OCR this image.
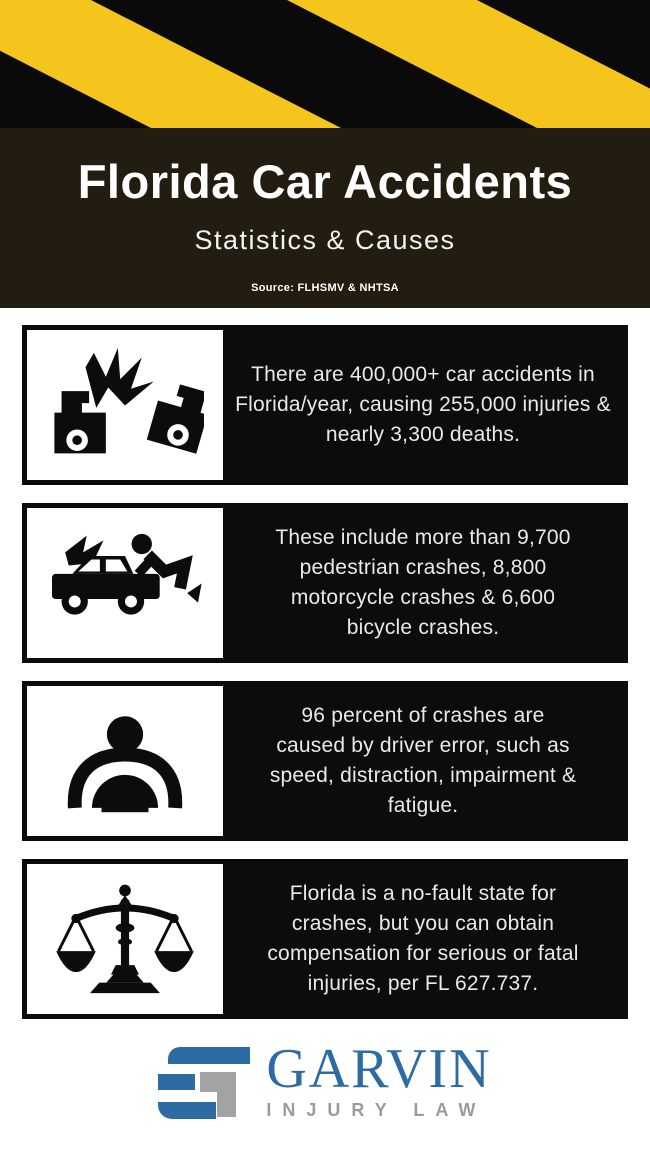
Florida Car Accidents
Statistics & Causes
Source: FLHSMV & NHTSA

There are 400,000+ car accidents in Florida/year, causing 255,000 injuries & nearly 3,300 deaths.

These include more than 9,700 pedestrian crashes, 8,800 motorcycle crashes & 6,600 bicycle crashes.

96 percent of crashes are caused by driver error, such as speed, distraction, impairment & fatigue.

Florida is a no-fault state for crashes, but you can obtain compensation for serious or fatal injuries, per FL 627.737.

GARVIN
INJURY LAW
